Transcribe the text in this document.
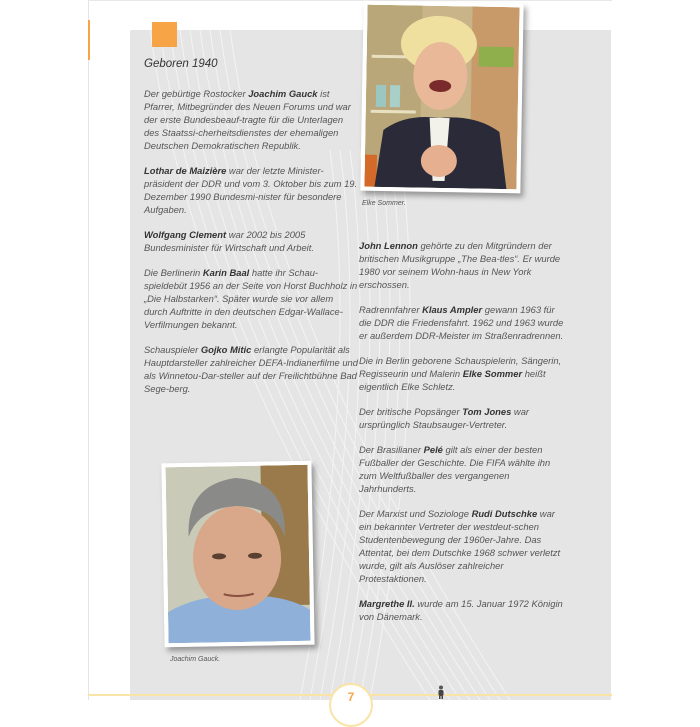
Geboren 1940

Der gebürtige Rostocker Joachim Gauck ist Pfarrer, Mitbegründer des Neuen Forums und war der erste Bundesbeauf-tragte für die Unterlagen des Staatssi-cherheitsdienstes der ehemaligen Deutschen Demokratischen Republik.

Lothar de Maizière war der letzte Minister-präsident der DDR und vom 3. Oktober bis zum 19. Dezember 1990 Bundesmi-nister für besondere Aufgaben.

Wolfgang Clement war 2002 bis 2005 Bundesminister für Wirtschaft und Arbeit.

Die Berlinerin Karin Baal hatte ihr Schau-spieldebüt 1956 an der Seite von Horst Buchholz in „Die Halbstarken“. Später wurde sie vor allem durch Auftritte in den deutschen Edgar-Wallace-Verfilmungen bekannt.

Schauspieler Gojko Mitic erlangte Popularität als Hauptdarsteller zahlreicher DEFA-Indianerfilme und als Winnetou-Dar-steller auf der Freilichtbühne Bad Sege-berg.

John Lennon gehörte zu den Mitgründern der britischen Musikgruppe „The Bea-tles“. Er wurde 1980 vor seinem Wohn-haus in New York erschossen.

Radrennfahrer Klaus Ampler gewann 1963 für die DDR die Friedensfahrt. 1962 und 1963 wurde er außerdem DDR-Meister im Straßenradrennen.

Die in Berlin geborene Schauspielerin, Sängerin, Regisseurin und Malerin Elke Sommer heißt eigentlich Elke Schletz.

Der britische Popsänger Tom Jones war ursprünglich Staubsauger-Vertreter.

Der Brasilianer Pelé gilt als einer der besten Fußballer der Geschichte. Die FIFA wählte ihn zum Weltfußballer des vergangenen Jahrhunderts.

Der Marxist und Soziologe Rudi Dutschke war ein bekannter Vertreter der westdeut-schen Studentenbewegung der 1960er-Jahre. Das Attentat, bei dem Dutschke 1968 schwer verletzt wurde, gilt als Auslöser zahlreicher Protestaktionen.

Margrethe II. wurde am 15. Januar 1972 Königin von Dänemark.

Elke Sommer.
Joachim Gauck.
7
